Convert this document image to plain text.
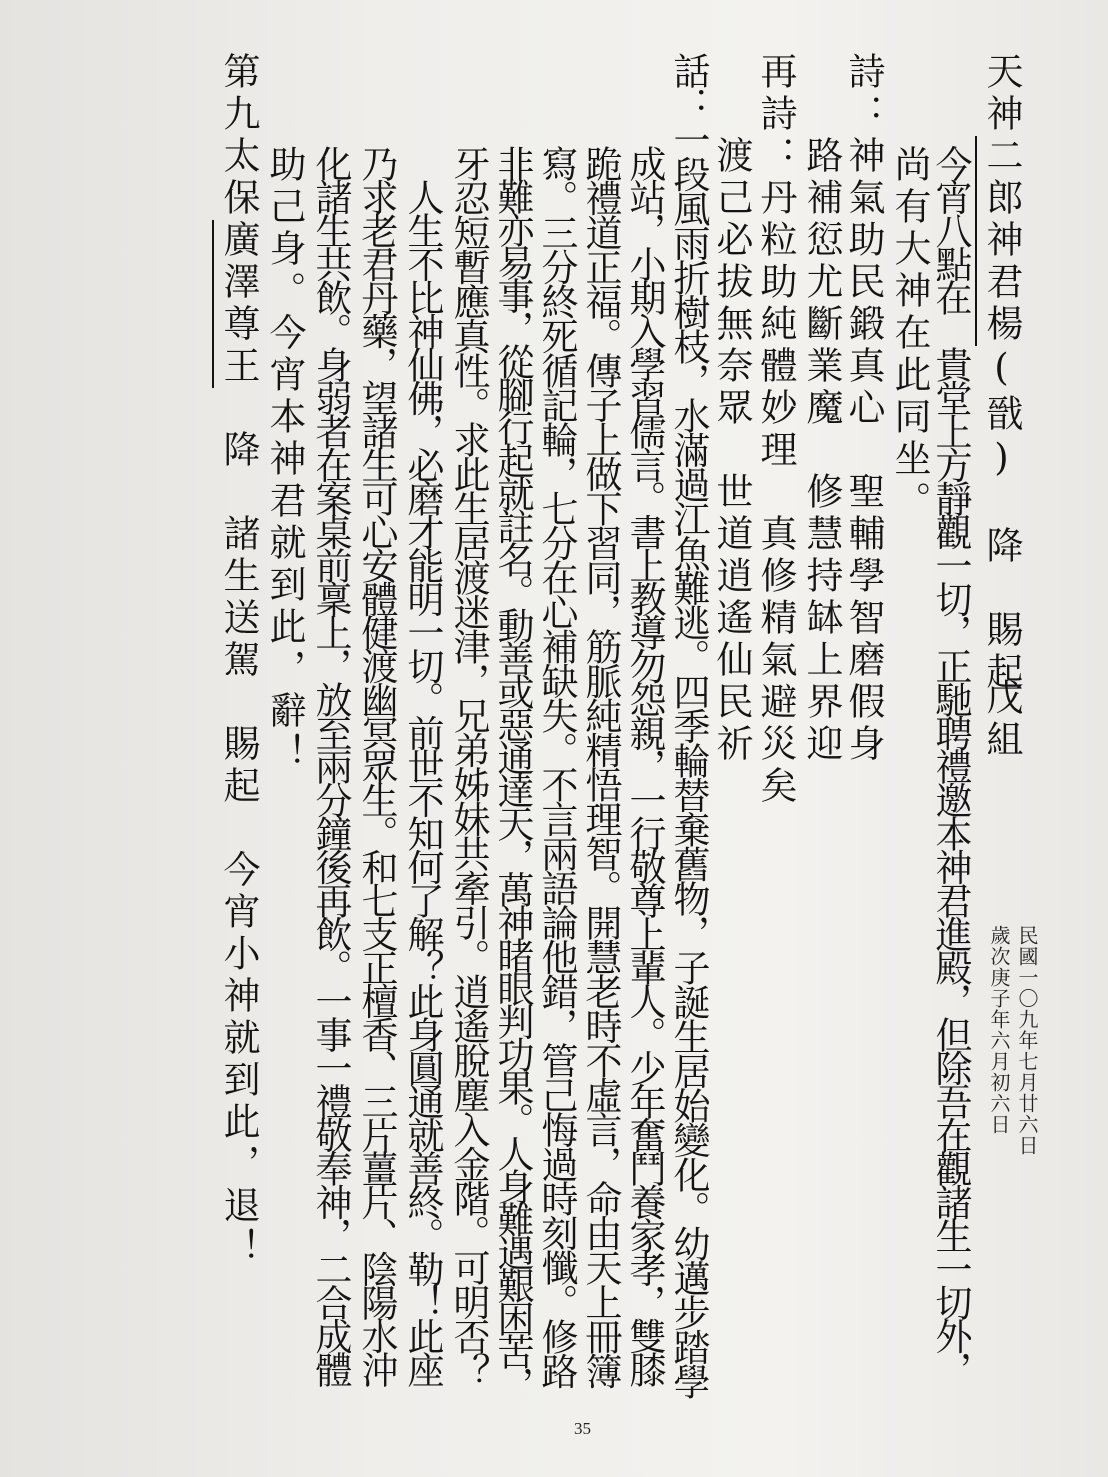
天神二郎神君楊(戩)　降　賜起
戊組
民國一〇九年七月廿六日
歲次庚子年六月初六日
今宵八點在　貴堂上方靜觀一切，正馳聘禮邀本神君進殿，但除吾在觀諸生一切外，
尚有大神在此同坐。
詩：神氣助民鍛真心　聖輔學智磨假身
　　路補愆尤斷業魔　修慧持缽上界迎
再詩：丹粒助純體妙理　真修精氣避災矣
　　渡己必拔無奈眾　世道逍遙仙民祈
話：一段風雨折樹枝，水滿過江魚難逃。四季輪替棄舊物，子誕生居始變化。幼邁步踏學
成站，小期入學習儒言。書上教導勿怨親，一行敬尊上輩人。少年奮鬥養家孝，雙膝
跪禮道正福。傳子上做下習同，筋脈純精悟理智。開慧老時不虛言，命由天上冊簿
寫。三分終死循記輪，七分在心補缺失。不言兩語論他錯，管己悔過時刻懺。修路
非難亦易事，從腳行起就註名。動善或惡通達天，萬神睹眼判功果。人身難遇艱困苦，
牙忍短暫應真性。求此生居渡迷津，兄弟姊妹共牽引。逍遙脫塵入金階。可明否？
　人生不比神仙佛，必磨才能明一切。前世不知何了解？此身圓通就善終。勒！此座
乃求老君丹藥，望諸生可心安體健渡幽冥眾生。和七支正檀香、三片薑片、陰陽水沖
化諸生共飲。身弱者在案桌前稟上，放至兩分鐘後再飲。一事一禮敬奉神，二合成體
助己身。今宵本神君就到此，辭！
第九太保廣澤尊王　降　諸生送駕　賜起　今宵小神就到此，退！
35
